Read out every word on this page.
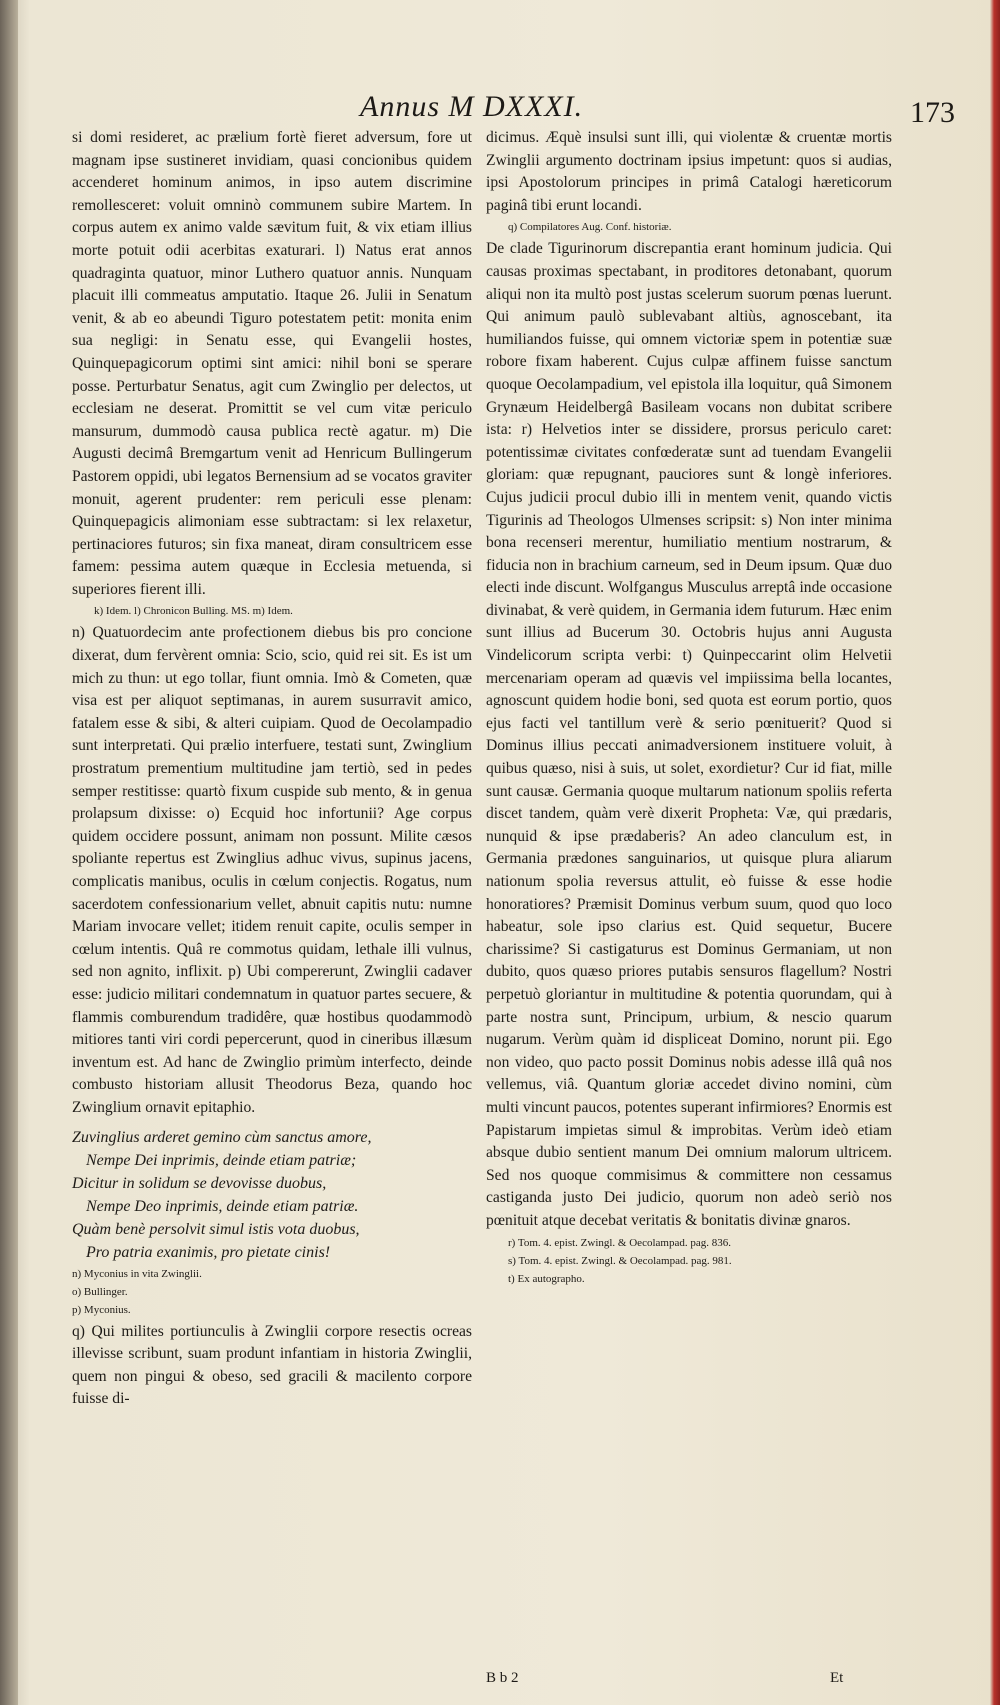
Annus M DXXXI.	173

si domi resideret, ac prælium fortè fieret adversum, fore ut magnam ipse sustineret invidiam, quasi concionibus quidem accenderet hominum animos, in ipso autem discrimine remollesceret: voluit omninò communem subire Martem. In corpus autem ex animo valde sævitum fuit, & vix etiam illius morte potuit odii acerbitas exaturari. l) Natus erat annos quadraginta quatuor, minor Luthero quatuor annis. Nunquam placuit illi commeatus amputatio. Itaque 26. Julii in Senatum venit, & ab eo abeundi Tiguro potestatem petit: monita enim sua negligi: in Senatu esse, qui Evangelii hostes, Quinquepagicorum optimi sint amici: nihil boni se sperare posse. Perturbatur Senatus, agit cum Zwinglio per delectos, ut ecclesiam ne deserat. Promittit se vel cum vitæ periculo mansurum, dummodò causa publica rectè agatur. m) Die Augusti decimâ Bremgartum venit ad Henricum Bullingerum Pastorem oppidi, ubi legatos Bernensium ad se vocatos graviter monuit, agerent prudenter: rem periculi esse plenam: Quinquepagicis alimoniam esse subtractam: si lex relaxetur, pertinaciores futuros; sin fixa maneat, diram consultricem esse famem: pessima autem quæque in Ecclesia metuenda, si superiores fierent illi.

k) Idem. l) Chronicon Bulling. MS. m) Idem.

n) Quatuordecim ante profectionem diebus bis pro concione dixerat, dum fervèrent omnia: Scio, scio, quid rei sit. Es ist um mich zu thun: ut ego tollar, fiunt omnia. Imò & Cometen, quæ visa est per aliquot septimanas, in aurem susurravit amico, fatalem esse & sibi, & alteri cuipiam. Quod de Oecolampadio sunt interpretati. Qui prælio interfuere, testati sunt, Zwinglium prostratum prementium multitudine jam tertiò, sed in pedes semper restitisse: quartò fixum cuspide sub mento, & in genua prolapsum dixisse: o) Ecquid hoc infortunii? Age corpus quidem occidere possunt, animam non possunt. Milite cæsos spoliante repertus est Zwinglius adhuc vivus, supinus jacens, complicatis manibus, oculis in cœlum conjectis. Rogatus, num sacerdotem confessionarium vellet, abnuit capitis nutu: numne Mariam invocare vellet; itidem renuit capite, oculis semper in cœlum intentis. Quâ re commotus quidam, lethale illi vulnus, sed non agnito, inflixit. p) Ubi compererunt, Zwinglii cadaver esse: judicio militari condemnatum in quatuor partes secuere, & flammis comburendum tradidêre, quæ hostibus quodammodò mitiores tanti viri cordi pepercerunt, quod in cineribus illæsum inventum est. Ad hanc de Zwinglio primùm interfecto, deinde combusto historiam allusit Theodorus Beza, quando hoc Zwinglium ornavit epitaphio.

Zuvinglius arderet gemino cùm sanctus amore,
Nempe Dei inprimis, deinde etiam patriæ;
Dicitur in solidum se devovisse duobus,
Nempe Deo inprimis, deinde etiam patriæ.
Quàm benè persolvit simul istis vota duobus,
Pro patria exanimis, pro pietate cinis!
n) Myconius in vita Zwinglii.
o) Bullinger.
p) Myconius.

q) Qui milites portiunculis à Zwinglii corpore resectis ocreas illevisse scribunt, suam produnt infantiam in historia Zwinglii, quem non pingui & obeso, sed gracili & macilento corpore fuisse di-

dicimus. Æquè insulsi sunt illi, qui violentæ & cruentæ mortis Zwinglii argumento doctrinam ipsius impetunt: quos si audias, ipsi Apostolorum principes in primâ Catalogi hæreticorum paginâ tibi erunt locandi.

q) Compilatores Aug. Conf. historiæ.

De clade Tigurinorum discrepantia erant hominum judicia. Qui causas proximas spectabant, in proditores detonabant, quorum aliqui non ita multò post justas scelerum suorum pœnas luerunt. Qui animum paulò sublevabant altiùs, agnoscebant, ita humiliandos fuisse, qui omnem victoriæ spem in potentiæ suæ robore fixam haberent. Cujus culpæ affinem fuisse sanctum quoque Oecolampadium, vel epistola illa loquitur, quâ Simonem Grynæum Heidelbergâ Basileam vocans non dubitat scribere ista: r) Helvetios inter se dissidere, prorsus periculo caret: potentissimæ civitates confœderatæ sunt ad tuendam Evangelii gloriam: quæ repugnant, pauciores sunt & longè inferiores. Cujus judicii procul dubio illi in mentem venit, quando victis Tigurinis ad Theologos Ulmenses scripsit: s) Non inter minima bona recenseri merentur, humiliatio mentium nostrarum, & fiducia non in brachium carneum, sed in Deum ipsum. Quæ duo electi inde discunt. Wolfgangus Musculus arreptâ inde occasione divinabat, & verè quidem, in Germania idem futurum. Hæc enim sunt illius ad Bucerum 30. Octobris hujus anni Augusta Vindelicorum scripta verbi: t) Quinpeccarint olim Helvetii mercenariam operam ad quævis vel impiissima bella locantes, agnoscunt quidem hodie boni, sed quota est eorum portio, quos ejus facti vel tantillum verè & serio pœnituerit? Quod si Dominus illius peccati animadversionem instituere voluit, à quibus quæso, nisi à suis, ut solet, exordietur? Cur id fiat, mille sunt causæ. Germania quoque multarum nationum spoliis referta discet tandem, quàm verè dixerit Propheta: Væ, qui prædaris, nunquid & ipse prædaberis? An adeo clanculum est, in Germania prædones sanguinarios, ut quisque plura aliarum nationum spolia reversus attulit, eò fuisse & esse hodie honoratiores? Præmisit Dominus verbum suum, quod quo loco habeatur, sole ipso clarius est. Quid sequetur, Bucere charissime? Si castigaturus est Dominus Germaniam, ut non dubito, quos quæso priores putabis sensuros flagellum? Nostri perpetuò gloriantur in multitudine & potentia quorundam, qui à parte nostra sunt, Principum, urbium, & nescio quarum nugarum. Verùm quàm id displiceat Domino, norunt pii. Ego non video, quo pacto possit Dominus nobis adesse illâ quâ nos vellemus, viâ. Quantum gloriæ accedet divino nomini, cùm multi vincunt paucos, potentes superant infirmiores? Enormis est Papistarum impietas simul & improbitas. Verùm ideò etiam absque dubio sentient manum Dei omnium malorum ultricem. Sed nos quoque commisimus & committere non cessamus castiganda justo Dei judicio, quorum non adeò seriò nos pœnituit atque decebat veritatis & bonitatis divinæ gnaros.

r) Tom. 4. epist. Zwingl. & Oecolampad. pag. 836.
s) Tom. 4. epist. Zwingl. & Oecolampad. pag. 981.
t) Ex autographo.
B b 2	Et
